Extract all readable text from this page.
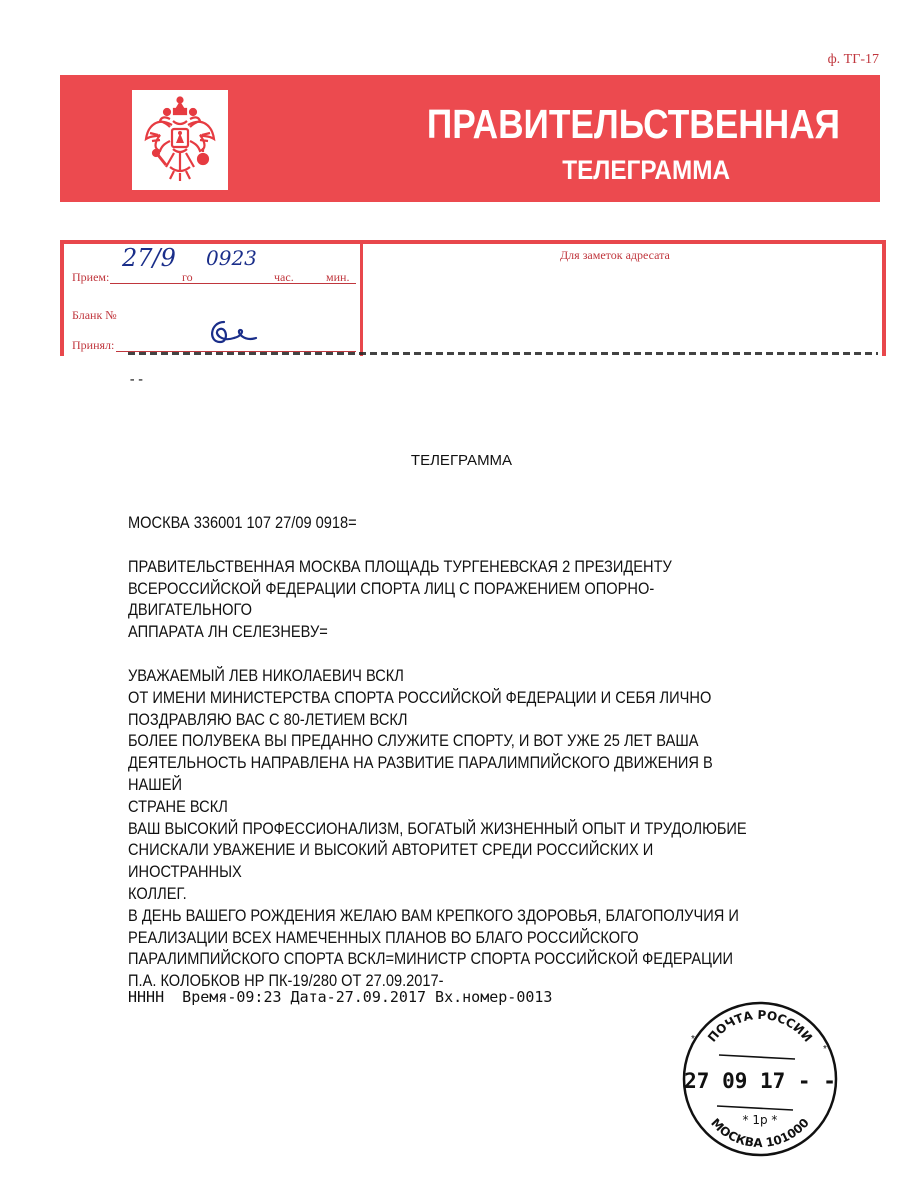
ф. ТГ-17
ПРАВИТЕЛЬСТВЕННАЯ
ТЕЛЕГРАММА
27/9 0923
Прием:	го	час.	мин.
Бланк №
Принял:
Для заметок адресата
--
ТЕЛЕГРАММА
МОСКВА 336001 107 27/09 0918=
ПРАВИТЕЛЬСТВЕННАЯ МОСКВА ПЛОЩАДЬ ТУРГЕНЕВСКАЯ 2 ПРЕЗИДЕНТУ
ВСЕРОССИЙСКОЙ ФЕДЕРАЦИИ СПОРТА ЛИЦ С ПОРАЖЕНИЕМ ОПОРНО-
ДВИГАТЕЛЬНОГО
АППАРАТА ЛН СЕЛЕЗНЕВУ=
УВАЖАЕМЫЙ ЛЕВ НИКОЛАЕВИЧ ВСКЛ
ОТ ИМЕНИ МИНИСТЕРСТВА СПОРТА РОССИЙСКОЙ ФЕДЕРАЦИИ И СЕБЯ ЛИЧНО
ПОЗДРАВЛЯЮ ВАС С 80-ЛЕТИЕМ ВСКЛ
БОЛЕЕ ПОЛУВЕКА ВЫ ПРЕДАННО СЛУЖИТЕ СПОРТУ, И ВОТ УЖЕ 25 ЛЕТ ВАША
ДЕЯТЕЛЬНОСТЬ НАПРАВЛЕНА НА РАЗВИТИЕ ПАРАЛИМПИЙСКОГО ДВИЖЕНИЯ В
НАШЕЙ
СТРАНЕ ВСКЛ
ВАШ ВЫСОКИЙ ПРОФЕССИОНАЛИЗМ, БОГАТЫЙ ЖИЗНЕННЫЙ ОПЫТ И ТРУДОЛЮБИЕ
СНИСКАЛИ УВАЖЕНИЕ И ВЫСОКИЙ АВТОРИТЕТ СРЕДИ РОССИЙСКИХ И
ИНОСТРАННЫХ
КОЛЛЕГ.
В ДЕНЬ ВАШЕГО РОЖДЕНИЯ ЖЕЛАЮ ВАМ КРЕПКОГО ЗДОРОВЬЯ, БЛАГОПОЛУЧИЯ И
РЕАЛИЗАЦИИ ВСЕХ НАМЕЧЕННЫХ ПЛАНОВ ВО БЛАГО РОССИЙСКОГО
ПАРАЛИМПИЙСКОГО СПОРТА ВСКЛ=МИНИСТР СПОРТА РОССИЙСКОЙ ФЕДЕРАЦИИ
П.А. КОЛОБКОВ НР ПК-19/280 ОТ 27.09.2017-
НННН  Время-09:23 Дата-27.09.2017 Вх.номер-0013
ПОЧТА РОССИИ
*
*
27 09 17 - -
* 1р *
МОСКВА 101000
